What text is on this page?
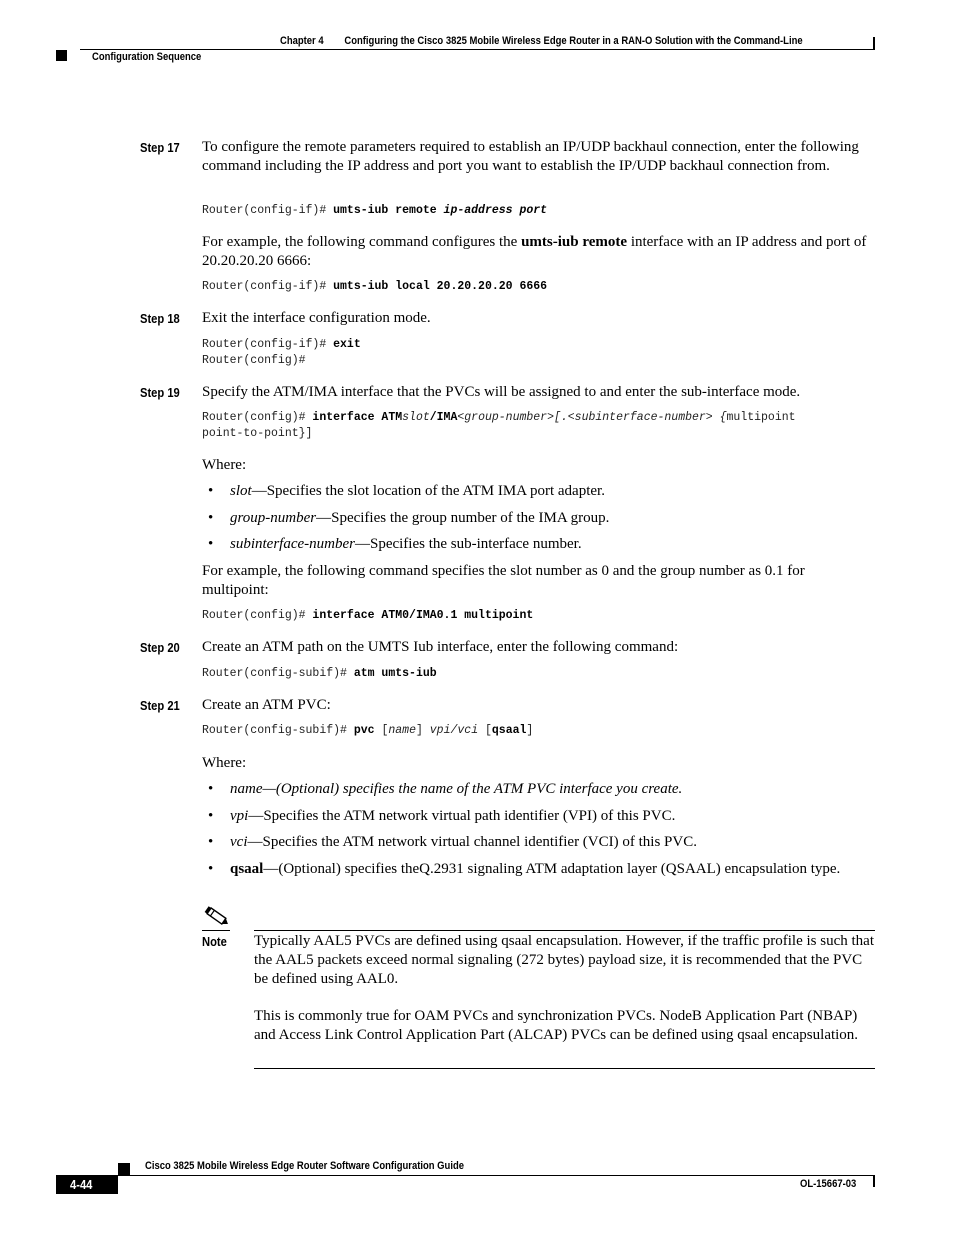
Chapter 4 Configuring the Cisco 3825 Mobile Wireless Edge Router in a RAN-O Solution with the Command-Line
Configuration Sequence
Step 17 To configure the remote parameters required to establish an IP/UDP backhaul connection, enter the following command including the IP address and port you want to establish the IP/UDP backhaul connection from.
Router(config-if)# umts-iub remote ip-address port
For example, the following command configures the umts-iub remote interface with an IP address and port of 20.20.20.20 6666:
Router(config-if)# umts-iub local 20.20.20.20 6666
Step 18 Exit the interface configuration mode.
Router(config-if)# exit
Router(config)#
Step 19 Specify the ATM/IMA interface that the PVCs will be assigned to and enter the sub-interface mode.
Router(config)# interface ATMslot/IMA<group-number>[.<subinterface-number> {multipoint
point-to-point}]
Where:
• slot—Specifies the slot location of the ATM IMA port adapter.
• group-number—Specifies the group number of the IMA group.
• subinterface-number—Specifies the sub-interface number.
For example, the following command specifies the slot number as 0 and the group number as 0.1 for multipoint:
Router(config)# interface ATM0/IMA0.1 multipoint
Step 20 Create an ATM path on the UMTS Iub interface, enter the following command:
Router(config-subif)# atm umts-iub
Step 21 Create an ATM PVC:
Router(config-subif)# pvc [name] vpi/vci [qsaal]
Where:
• name—(Optional) specifies the name of the ATM PVC interface you create.
• vpi—Specifies the ATM network virtual path identifier (VPI) of this PVC.
• vci—Specifies the ATM network virtual channel identifier (VCI) of this PVC.
• qsaal—(Optional) specifies theQ.2931 signaling ATM adaptation layer (QSAAL) encapsulation type.
Note Typically AAL5 PVCs are defined using qsaal encapsulation. However, if the traffic profile is such that the AAL5 packets exceed normal signaling (272 bytes) payload size, it is recommended that the PVC be defined using AAL0.
This is commonly true for OAM PVCs and synchronization PVCs. NodeB Application Part (NBAP) and Access Link Control Application Part (ALCAP) PVCs can be defined using qsaal encapsulation.
Cisco 3825 Mobile Wireless Edge Router Software Configuration Guide
4-44	OL-15667-03
